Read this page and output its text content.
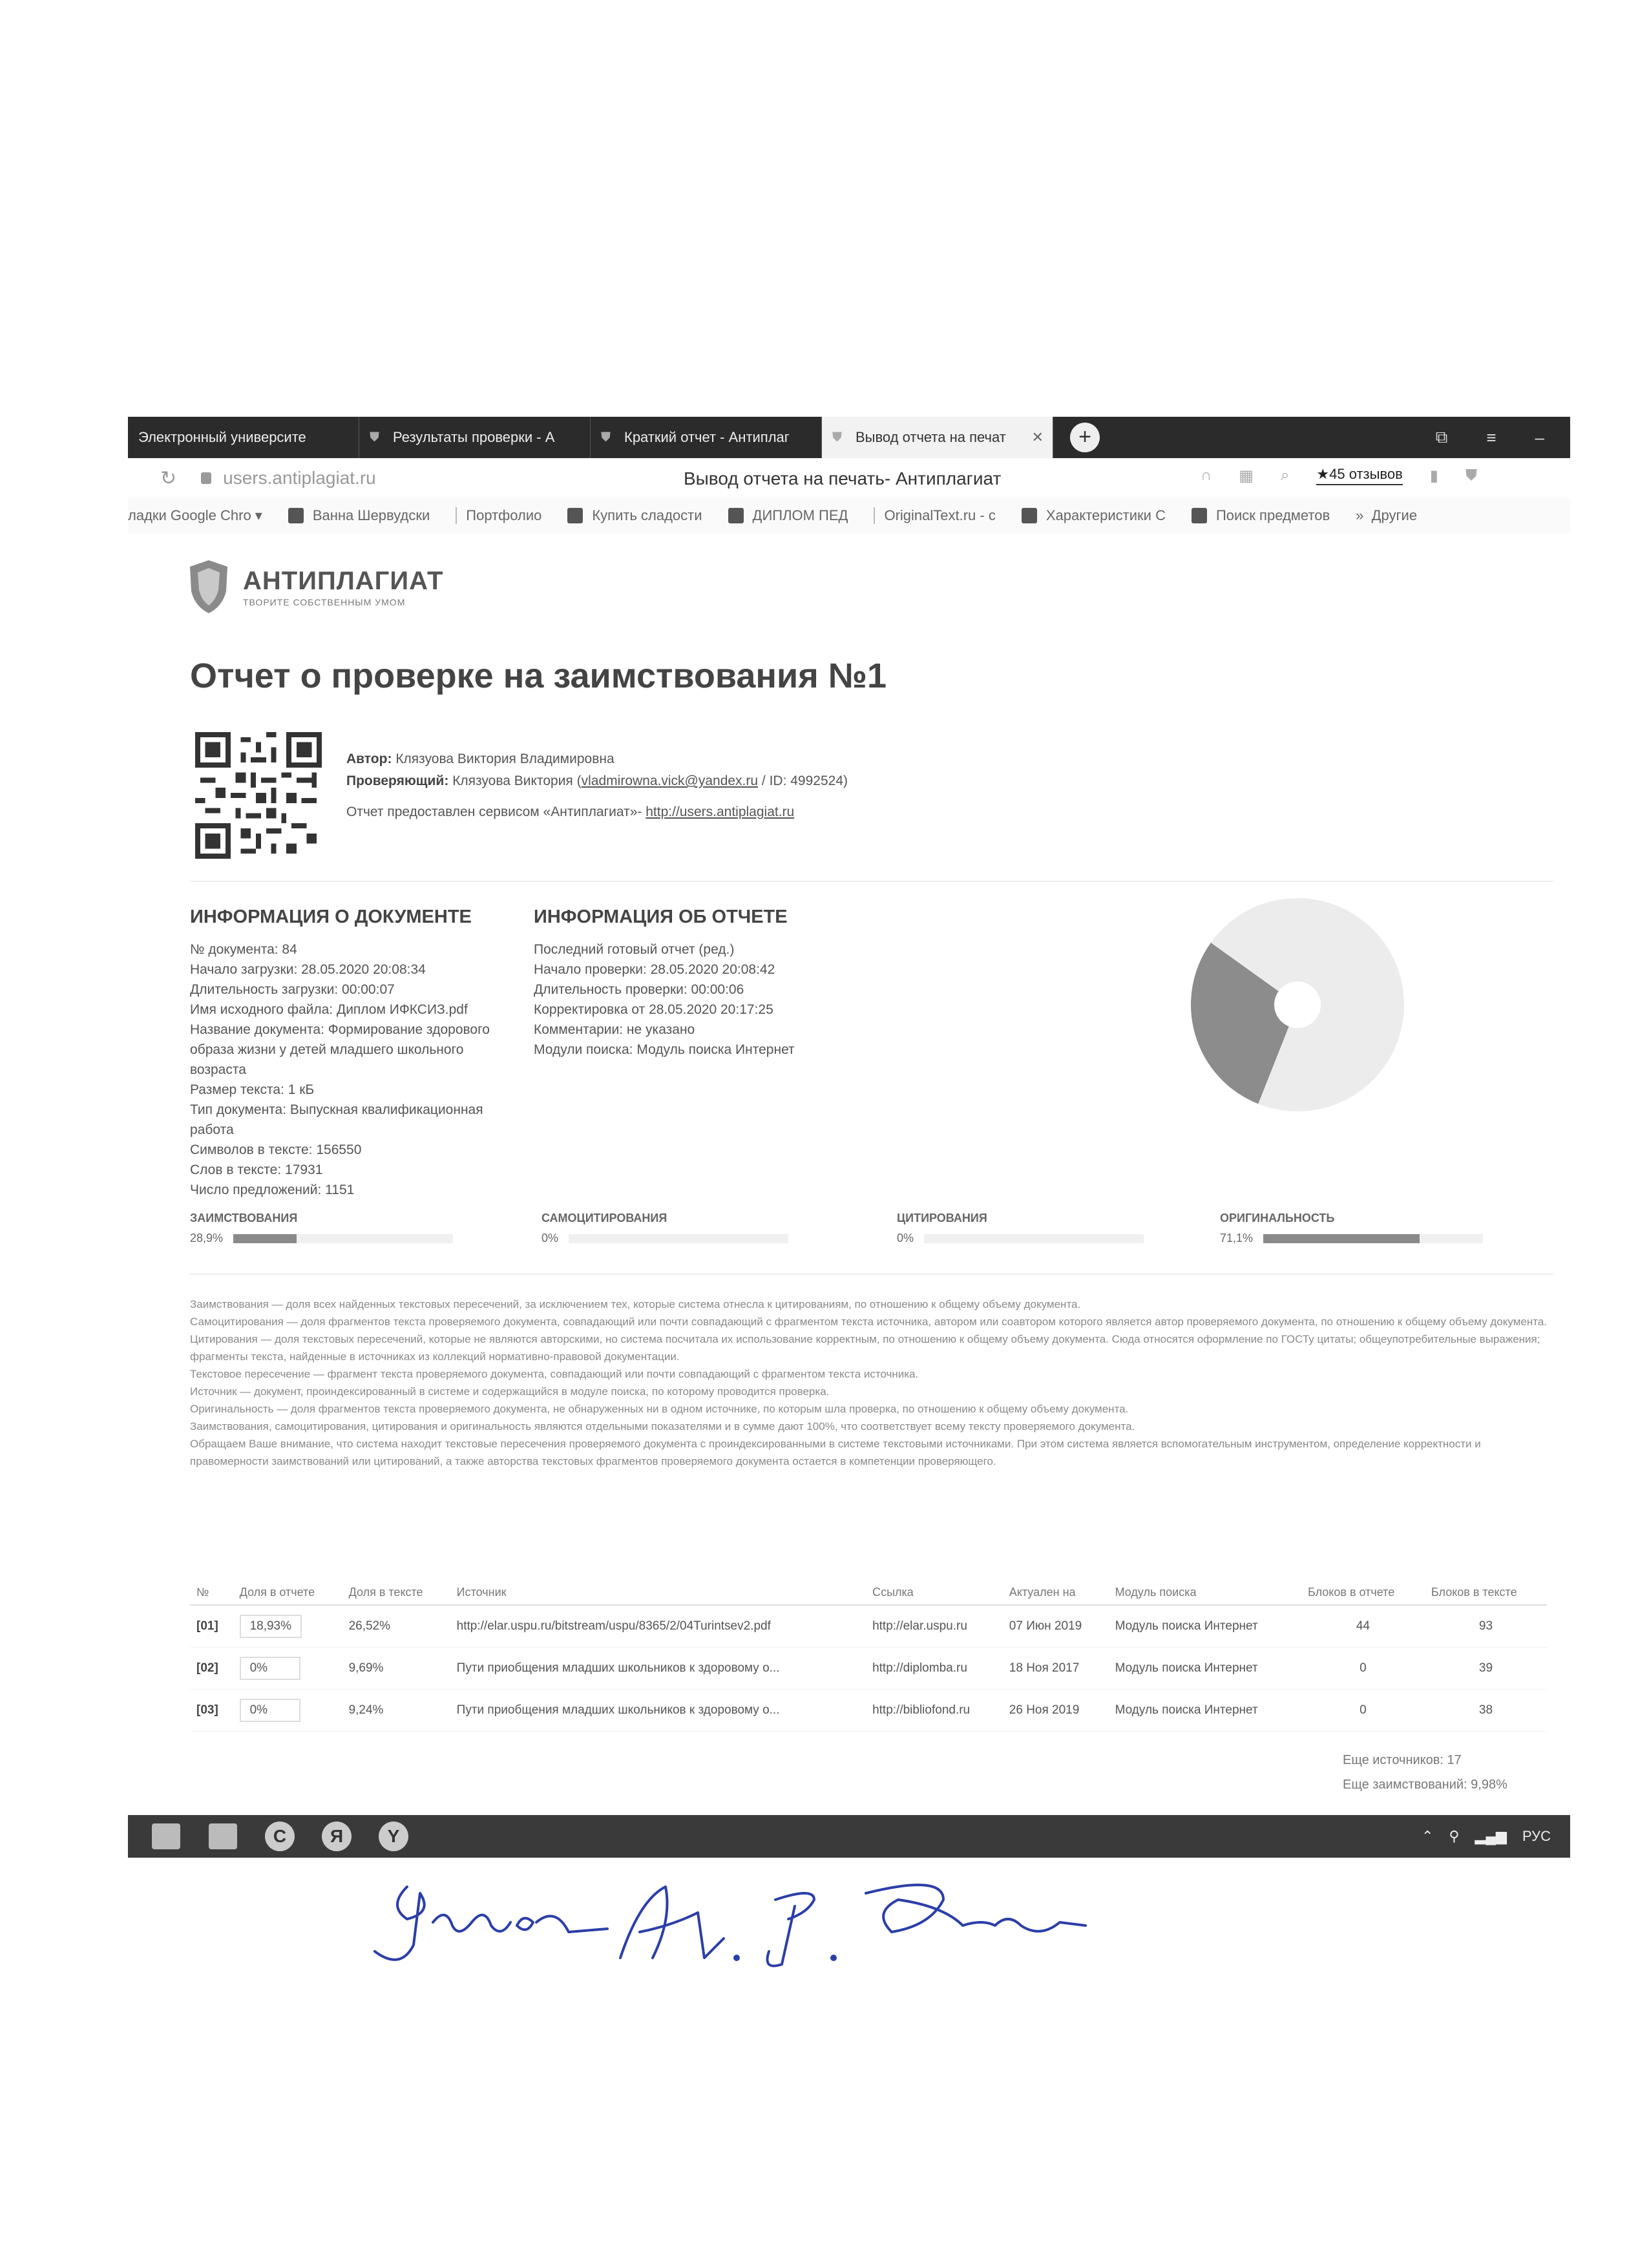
Электронный университе	⛊ Результаты проверки - А	⛊ Краткий отчет - Антиплаг	⛊ Вывод отчета на печат ✕	+	⧉ ≡ –
↻	users.antiplagiat.ru	Вывод отчета на печать- Антиплагиат	∩ ▦ ⌕ ★45 отзывов ▮ ⛊
ладки Google Chro ▾	Ванна Шервудски	Портфолио	Купить сладости	ДИПЛОМ ПЕД	OriginalText.ru - с	Характеристики С	Поиск предметов » Другие
АНТИПЛАГИАТ
ТВОРИТЕ СОБСТВЕННЫМ УМОМ
Отчет о проверке на заимствования №1
Автор: Клязуова Виктория Владимировна
Проверяющий: Клязуова Виктория (vladmirowna.vick@yandex.ru / ID: 4992524)
Отчет предоставлен сервисом «Антиплагиат»- http://users.antiplagiat.ru
ИНФОРМАЦИЯ О ДОКУМЕНТЕ
№ документа: 84
Начало загрузки: 28.05.2020 20:08:34
Длительность загрузки: 00:00:07
Имя исходного файла: Диплом ИФКСИЗ.pdf
Название документа: Формирование здорового образа жизни у детей младшего школьного возраста
Размер текста: 1 кБ
Тип документа: Выпускная квалификационная работа
Символов в тексте: 156550
Слов в тексте: 17931
Число предложений: 1151
ИНФОРМАЦИЯ ОБ ОТЧЕТЕ
Последний готовый отчет (ред.)
Начало проверки: 28.05.2020 20:08:42
Длительность проверки: 00:00:06
Корректировка от 28.05.2020 20:17:25
Комментарии: не указано
Модули поиска: Модуль поиска Интернет
ЗАИМСТВОВАНИЯ
28,9%
САМОЦИТИРОВАНИЯ
0%
ЦИТИРОВАНИЯ
0%
ОРИГИНАЛЬНОСТЬ
71,1%
Заимствования — доля всех найденных текстовых пересечений, за исключением тех, которые система отнесла к цитированиям, по отношению к общему объему документа.
Самоцитирования — доля фрагментов текста проверяемого документа, совпадающий или почти совпадающий с фрагментом текста источника, автором или соавтором которого является автор проверяемого документа, по отношению к общему объему документа.
Цитирования — доля текстовых пересечений, которые не являются авторскими, но система посчитала их использование корректным, по отношению к общему объему документа. Сюда относятся оформление по ГОСТу цитаты; общеупотребительные выражения; фрагменты текста, найденные в источниках из коллекций нормативно-правовой документации.
Текстовое пересечение — фрагмент текста проверяемого документа, совпадающий или почти совпадающий с фрагментом текста источника.
Источник — документ, проиндексированный в системе и содержащийся в модуле поиска, по которому проводится проверка.
Оригинальность — доля фрагментов текста проверяемого документа, не обнаруженных ни в одном источнике, по которым шла проверка, по отношению к общему объему документа.
Заимствования, самоцитирования, цитирования и оригинальность являются отдельными показателями и в сумме дают 100%, что соответствует всему тексту проверяемого документа.
Обращаем Ваше внимание, что система находит текстовые пересечения проверяемого документа с проиндексированными в системе текстовыми источниками. При этом система является вспомогательным инструментом, определение корректности и правомерности заимствований или цитирований, а также авторства текстовых фрагментов проверяемого документа остается в компетенции проверяющего.
№	Доля в отчете	Доля в тексте	Источник	Ссылка	Актуален на	Модуль поиска	Блоков в отчете	Блоков в тексте
[01]	18,93%	26,52%	http://elar.uspu.ru/bitstream/uspu/8365/2/04Turintsev2.pdf	http://elar.uspu.ru	07 Июн 2019	Модуль поиска Интернет	44	93
[02]	0%	9,69%	Пути приобщения младших школьников к здоровому о...	http://diplomba.ru	18 Ноя 2017	Модуль поиска Интернет	0	39
[03]	0%	9,24%	Пути приобщения младших школьников к здоровому о...	http://bibliofond.ru	26 Ноя 2019	Модуль поиска Интернет	0	38
Еще источников: 17
Еще заимствований: 9,98%
C	Я	Y	⌃ ⚲ ▂▄▆ РУС
